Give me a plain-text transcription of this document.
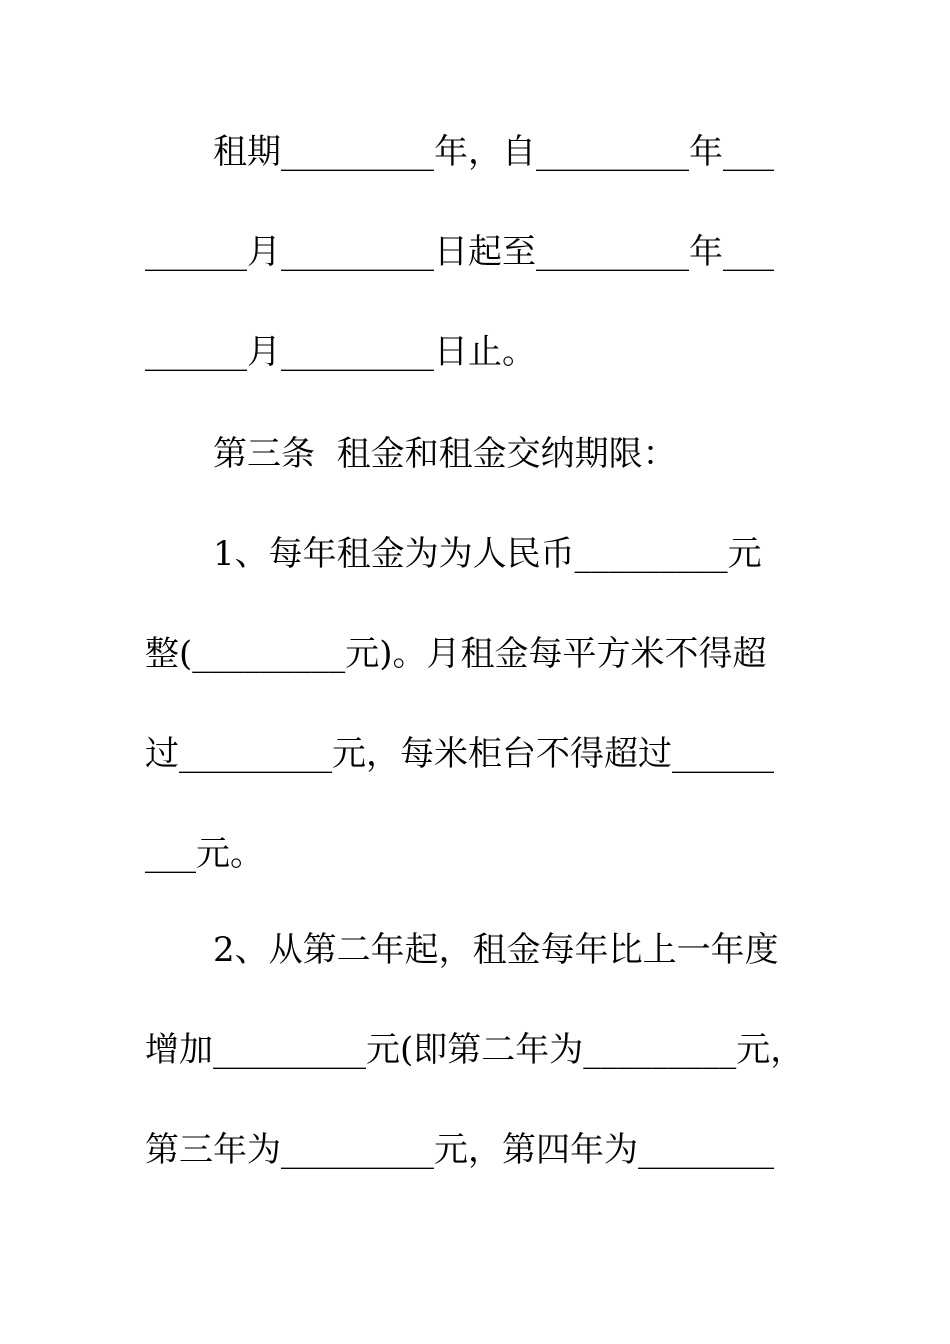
租期_________年，自_________年___
______月_________日起至_________年___
______月_________日止。
第三条  租金和租金交纳期限：
1、每年租金为为人民币_________元
整(_________元)。月租金每平方米不得超
过_________元，每米柜台不得超过______
___元。
2、从第二年起，租金每年比上一年度
增加_________元(即第二年为_________元，
第三年为_________元，第四年为________
